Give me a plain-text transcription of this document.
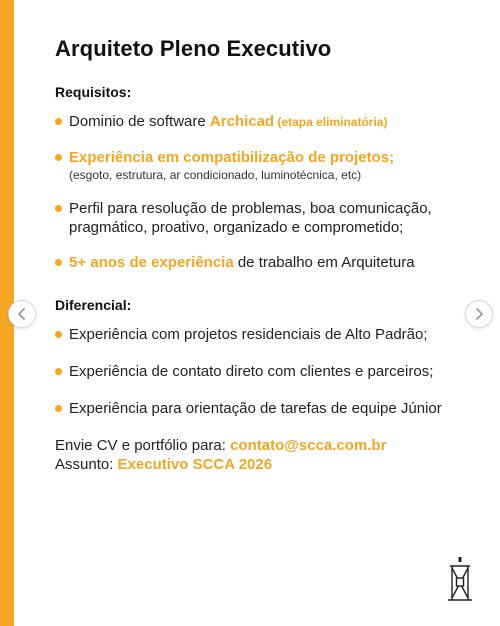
Arquiteto Pleno Executivo
Requisitos:
Dominio de software Archicad (etapa eliminatória)
Experiência em compatibilização de projetos;
(esgoto, estrutura, ar condicionado, luminotécnica, etc)
Perfil para resolução de problemas, boa comunicação, pragmático, proativo, organizado e comprometido;
5+ anos de experiência de trabalho em Arquitetura
Diferencial:
Experiência com projetos residenciais de Alto Padrão;
Experiência de contato direto com clientes e parceiros;
Experiência para orientação de tarefas de equipe Júnior
Envie CV e portfólio para: contato@scca.com.br
Assunto: Executivo SCCA 2026
